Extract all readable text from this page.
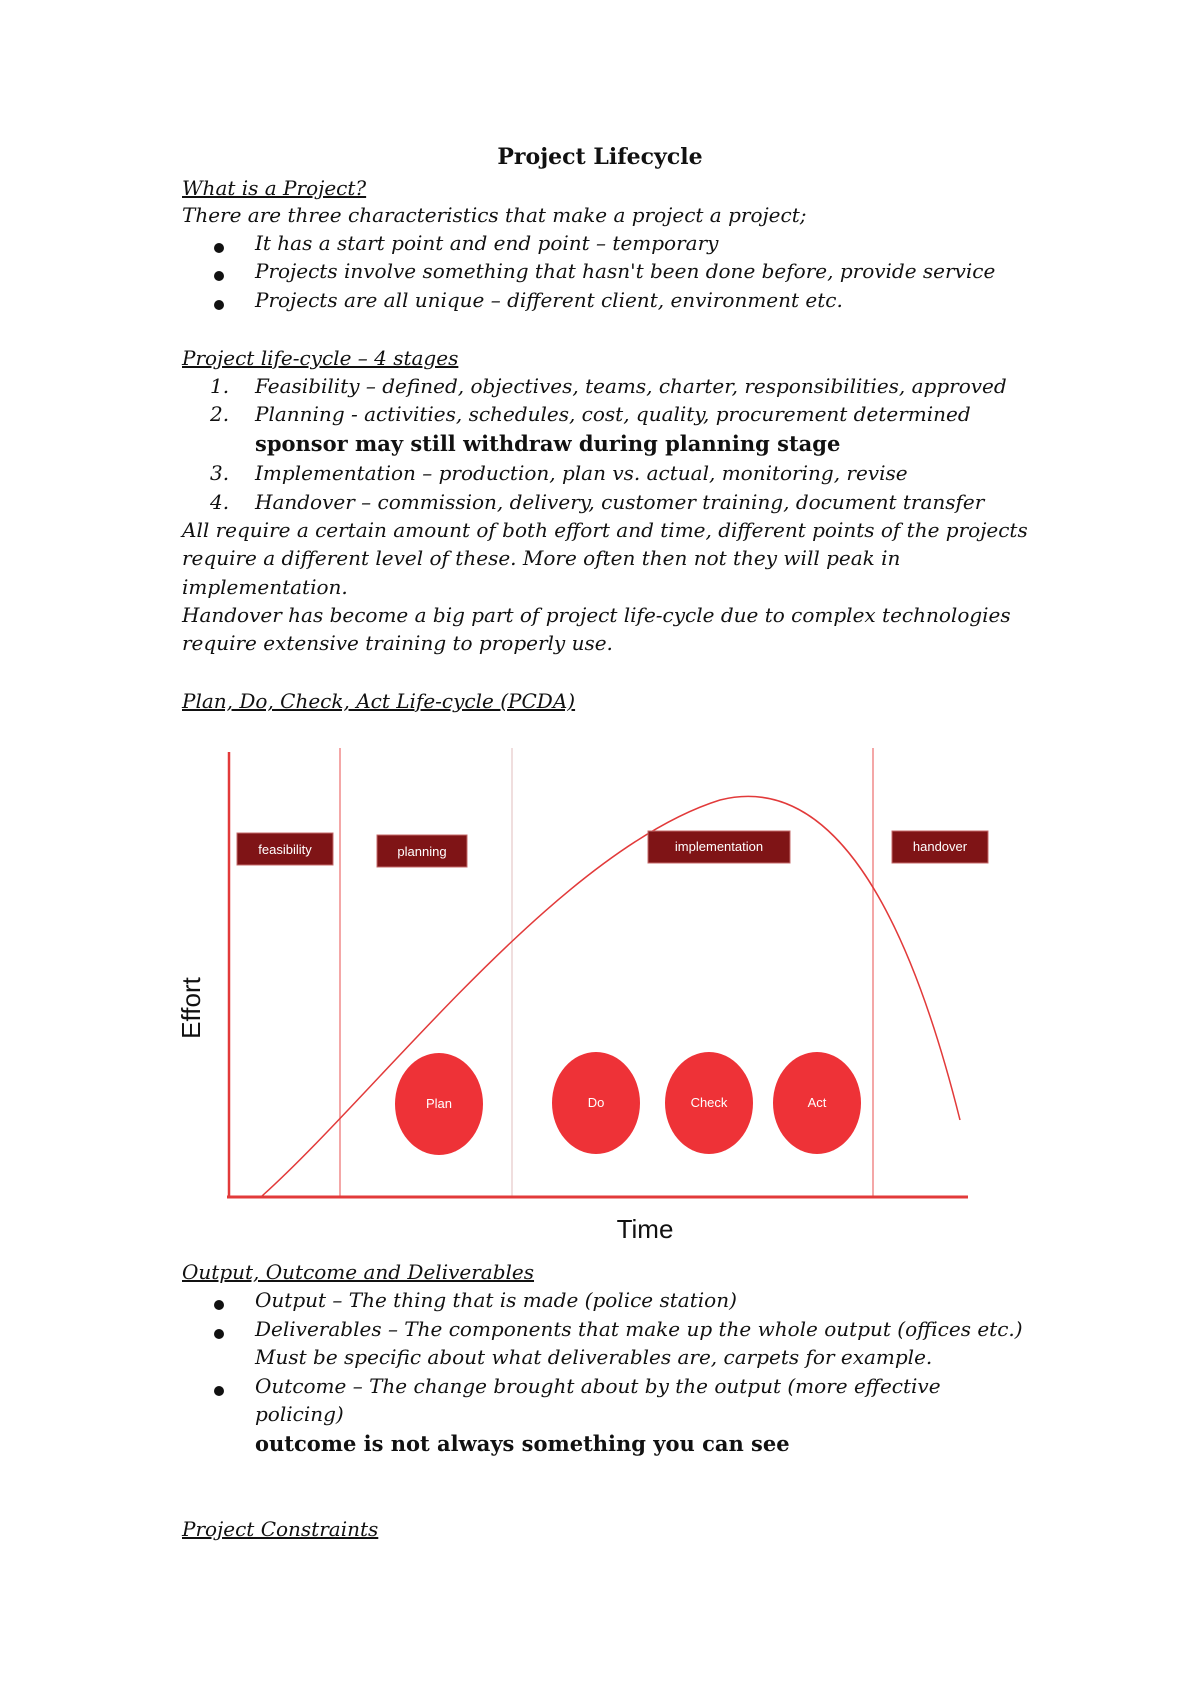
Project Lifecycle
What is a Project?
There are three characteristics that make a project a project;
It has a start point and end point – temporary
Projects involve something that hasn't been done before, provide service
Projects are all unique – different client, environment etc.
Project life-cycle – 4 stages
1. Feasibility – defined, objectives, teams, charter, responsibilities, approved
2. Planning - activities, schedules, cost, quality, procurement determined
sponsor may still withdraw during planning stage
3. Implementation – production, plan vs. actual, monitoring, revise
4. Handover – commission, delivery, customer training, document transfer
All require a certain amount of both effort and time, different points of the projects
require a different level of these. More often then not they will peak in
implementation.
Handover has become a big part of project life-cycle due to complex technologies
require extensive training to properly use.
Plan, Do, Check, Act Life-cycle (PCDA)
feasibility	planning	implementation	handover
Plan	Do	Check	Act
Effort
Time
Output, Outcome and Deliverables
Output – The thing that is made (police station)
Deliverables – The components that make up the whole output (offices etc.)
Must be specific about what deliverables are, carpets for example.
Outcome – The change brought about by the output (more effective
policing)
outcome is not always something you can see
Project Constraints
